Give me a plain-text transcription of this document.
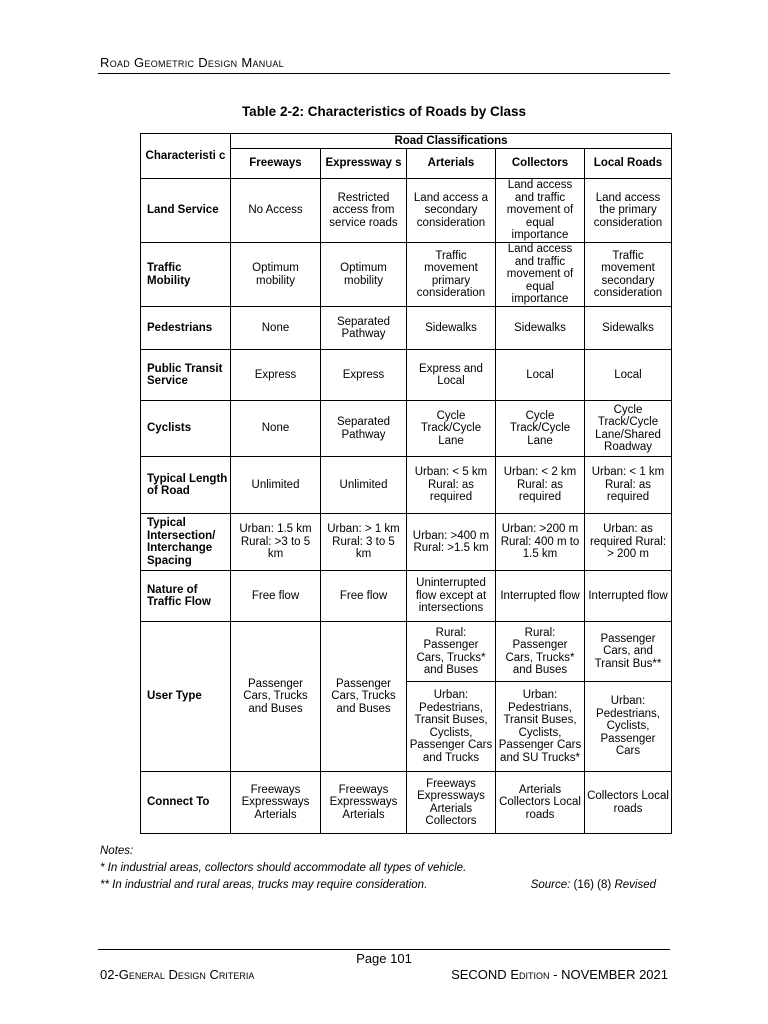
Road Geometric Design Manual
Table 2-2: Characteristics of Roads by Class
Characteristi c	Road Classifications				
	Freeways	Expressway s	Arterials	Collectors	Local Roads
Land Service	No Access	Restricted access from service roads	Land access a secondary consideration	Land access and traffic movement of equal importance	Land access the primary consideration
Traffic Mobility	Optimum mobility	Optimum mobility	Traffic movement primary consideration	Land access and traffic movement of equal importance	Traffic movement secondary consideration
Pedestrians	None	Separated Pathway	Sidewalks	Sidewalks	Sidewalks
Public Transit Service	Express	Express	Express and Local	Local	Local
Cyclists	None	Separated Pathway	Cycle Track/Cycle Lane	Cycle Track/Cycle Lane	Cycle Track/Cycle Lane/Shared Roadway
Typical Length of Road	Unlimited	Unlimited	Urban: < 5 km Rural: as required	Urban: < 2 km Rural: as required	Urban: < 1 km Rural: as required
Typical Intersection/ Interchange Spacing	Urban: 1.5 km Rural: >3 to 5 km	Urban: > 1 km Rural: 3 to 5 km	Urban: >400 m Rural: >1.5 km	Urban: >200 m Rural: 400 m to 1.5 km	Urban: as required Rural: > 200 m
Nature of Traffic Flow	Free flow	Free flow	Uninterrupted flow except at intersections	Interrupted flow	Interrupted flow
User Type	Passenger Cars, Trucks and Buses	Passenger Cars, Trucks and Buses	Rural: Passenger Cars, Trucks* and Buses	Rural: Passenger Cars, Trucks* and Buses	Passenger Cars, and Transit Bus**
			Urban: Pedestrians, Transit Buses, Cyclists, Passenger Cars and Trucks	Urban: Pedestrians, Transit Buses, Cyclists, Passenger Cars and SU Trucks*	Urban: Pedestrians, Cyclists, Passenger Cars
Connect To	Freeways Expressways Arterials	Freeways Expressways Arterials	Freeways Expressways Arterials Collectors	Arterials Collectors Local roads	Collectors Local roads
Notes:
* In industrial areas, collectors should accommodate all types of vehicle.
** In industrial and rural areas, trucks may require consideration.	Source: (16) (8) Revised
Page 101
02-General Design Criteria	SECOND Edition - NOVEMBER 2021
